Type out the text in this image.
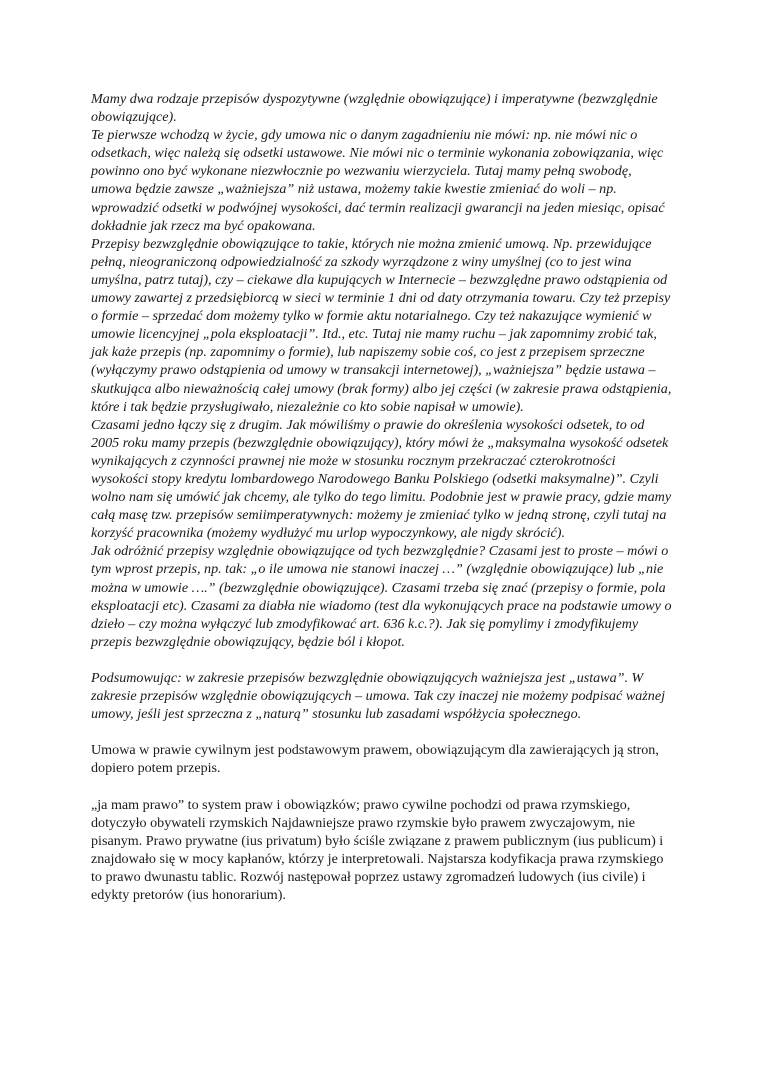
Mamy dwa rodzaje przepisów dyspozytywne (względnie obowiązujące) i imperatywne (bezwzględnie obowiązujące).

Te pierwsze wchodzą w życie, gdy umowa nic o danym zagadnieniu nie mówi: np. nie mówi nic o odsetkach, więc należą się odsetki ustawowe. Nie mówi nic o terminie wykonania zobowiązania, więc powinno ono być wykonane niezwłocznie po wezwaniu wierzyciela. Tutaj mamy pełną swobodę, umowa będzie zawsze „ważniejsza” niż ustawa, możemy takie kwestie zmieniać do woli – np. wprowadzić odsetki w podwójnej wysokości, dać termin realizacji gwarancji na jeden miesiąc, opisać dokładnie jak rzecz ma być opakowana.

Przepisy bezwzględnie obowiązujące to takie, których nie można zmienić umową. Np. przewidujące pełną, nieograniczoną odpowiedzialność za szkody wyrządzone z winy umyślnej (co to jest wina umyślna, patrz tutaj), czy – ciekawe dla kupujących w Internecie – bezwzględne prawo odstąpienia od umowy zawartej z przedsiębiorcą w sieci w terminie 1 dni od daty otrzymania towaru. Czy też przepisy o formie – sprzedać dom możemy tylko w formie aktu notarialnego. Czy też nakazujące wymienić w umowie licencyjnej „pola eksploatacji”. Itd., etc. Tutaj nie mamy ruchu – jak zapomnimy zrobić tak, jak każe przepis (np. zapomnimy o formie), lub napiszemy sobie coś, co jest z przepisem sprzeczne (wyłączymy prawo odstąpienia od umowy w transakcji internetowej), „ważniejsza” będzie ustawa – skutkująca albo nieważnością całej umowy (brak formy) albo jej części (w zakresie prawa odstąpienia, które i tak będzie przysługiwało, niezależnie co kto sobie napisał w umowie).

Czasami jedno łączy się z drugim. Jak mówiliśmy o prawie do określenia wysokości odsetek, to od 2005 roku mamy przepis (bezwzględnie obowiązujący), który mówi że „maksymalna wysokość odsetek wynikających z czynności prawnej nie może w stosunku rocznym przekraczać czterokrotności wysokości stopy kredytu lombardowego Narodowego Banku Polskiego (odsetki maksymalne)”. Czyli wolno nam się umówić jak chcemy, ale tylko do tego limitu. Podobnie jest w prawie pracy, gdzie mamy całą masę tzw. przepisów semiimperatywnych: możemy je zmieniać tylko w jedną stronę, czyli tutaj na korzyść pracownika (możemy wydłużyć mu urlop wypoczynkowy, ale nigdy skrócić).

Jak odróżnić przepisy względnie obowiązujące od tych bezwzględnie? Czasami jest to proste – mówi o tym wprost przepis, np. tak: „o ile umowa nie stanowi inaczej …” (względnie obowiązujące) lub „nie można w umowie ….” (bezwzględnie obowiązujące). Czasami trzeba się znać (przepisy o formie, pola eksploatacji etc). Czasami za diabła nie wiadomo (test dla wykonujących prace na podstawie umowy o dzieło – czy można wyłączyć lub zmodyfikować art. 636 k.c.?). Jak się pomylimy i zmodyfikujemy przepis bezwzględnie obowiązujący, będzie ból i kłopot.

Podsumowując: w zakresie przepisów bezwzględnie obowiązujących ważniejsza jest „ustawa”. W zakresie przepisów względnie obowiązujących – umowa. Tak czy inaczej nie możemy podpisać ważnej umowy, jeśli jest sprzeczna z „naturą” stosunku lub zasadami współżycia społecznego.

Umowa w prawie cywilnym jest podstawowym prawem, obowiązującym dla zawierających ją stron, dopiero potem przepis.

„ja mam prawo” to system praw i obowiązków; prawo cywilne pochodzi od prawa rzymskiego, dotyczyło obywateli rzymskich Najdawniejsze prawo rzymskie było prawem zwyczajowym, nie pisanym. Prawo prywatne (ius privatum) było ściśle związane z prawem publicznym (ius publicum) i znajdowało się w mocy kapłanów, którzy je interpretowali. Najstarsza kodyfikacja prawa rzymskiego to prawo dwunastu tablic. Rozwój następował poprzez ustawy zgromadzeń ludowych (ius civile) i edykty pretorów (ius honorarium).
